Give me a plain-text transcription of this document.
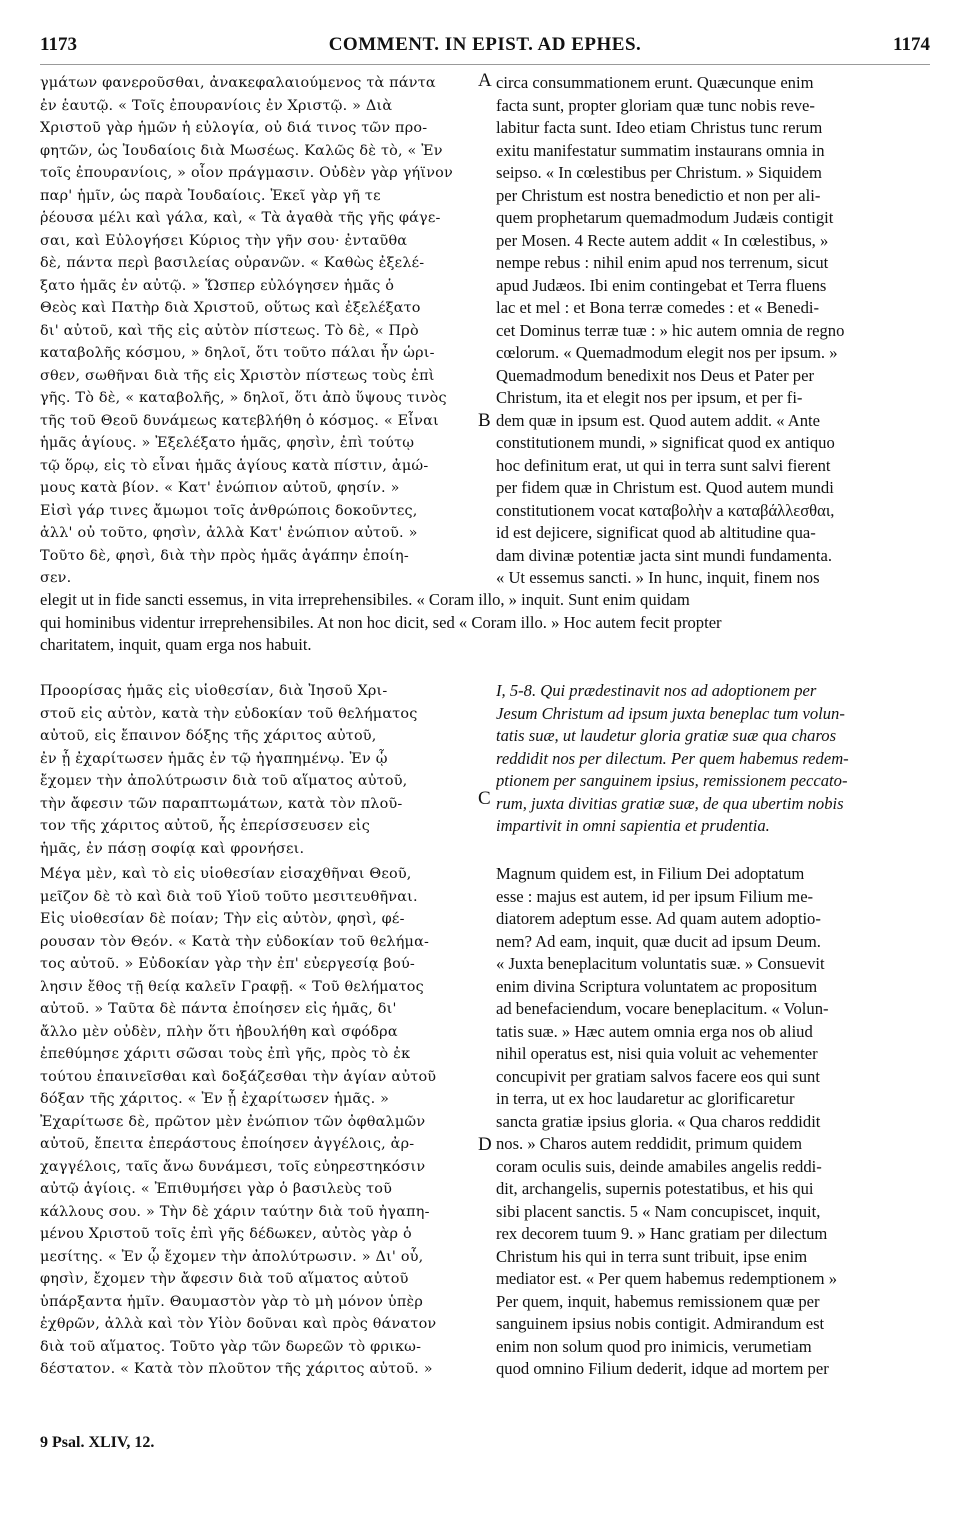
1173	COMMENT. IN EPIST. AD EPHES.	1174
γμάτων φανεροῦσθαι, ἀνακεφαλαιούμενος τὰ πάντα
ἐν ἑαυτῷ. « Τοῖς ἐπουρανίοις ἐν Χριστῷ. » Διὰ
Χριστοῦ γὰρ ἡμῶν ἡ εὐλογία, οὐ διά τινος τῶν προ-
φητῶν, ὡς Ἰουδαίοις διὰ Μωσέως. Καλῶς δὲ τὸ, « Ἐν
τοῖς ἐπουρανίοις, » οἷον πράγμασιν. Οὐδὲν γὰρ γήϊνον
παρ' ἡμῖν, ὡς παρὰ Ἰουδαίοις. Ἐκεῖ γὰρ γῆ τε
ῥέουσα μέλι καὶ γάλα, καὶ, « Τὰ ἀγαθὰ τῆς γῆς φάγε-
σαι, καὶ Εὐλογήσει Κύριος τὴν γῆν σου· ἐνταῦθα
δὲ, πάντα περὶ βασιλείας οὐρανῶν. « Καθὼς ἐξελέ-
ξατο ἡμᾶς ἐν αὐτῷ. » Ὥσπερ εὐλόγησεν ἡμᾶς ὁ
Θεὸς καὶ Πατὴρ διὰ Χριστοῦ, οὕτως καὶ ἐξελέξατο
δι' αὐτοῦ, καὶ τῆς εἰς αὐτὸν πίστεως. Τὸ δὲ, « Πρὸ
καταβολῆς κόσμου, » δηλοῖ, ὅτι τοῦτο πάλαι ἦν ὡρι-
σθεν, σωθῆναι διὰ τῆς εἰς Χριστὸν πίστεως τοὺς ἐπὶ
γῆς. Τὸ δὲ, « καταβολῆς, » δηλοῖ, ὅτι ἀπὸ ὕψους τινὸς
τῆς τοῦ Θεοῦ δυνάμεως κατεβλήθη ὁ κόσμος. « Εἶναι
ἡμᾶς ἁγίους. » Ἐξελέξατο ἡμᾶς, φησὶν, ἐπὶ τούτῳ
τῷ ὅρῳ, εἰς τὸ εἶναι ἡμᾶς ἁγίους κατὰ πίστιν, ἀμώ-
μους κατὰ βίον. « Κατ' ἐνώπιον αὐτοῦ, φησίν. »
Εἰσὶ γάρ τινες ἄμωμοι τοῖς ἀνθρώποις δοκοῦντες,
ἀλλ' οὐ τοῦτο, φησὶν, ἀλλὰ Κατ' ἐνώπιον αὐτοῦ. »
Τοῦτο δὲ, φησὶ, διὰ τὴν πρὸς ἡμᾶς ἀγάπην ἐποίη-
σεν.
circa consummationem erunt. Quæcunque enim
facta sunt, propter gloriam quæ tunc nobis reve-
labitur facta sunt. Ideo etiam Christus tunc rerum
exitu manifestatur summatim instaurans omnia in
seipso. « In cœlestibus per Christum. » Siquidem
per Christum est nostra benedictio et non per ali-
quem prophetarum quemadmodum Judæis contigit
per Mosen. 4 Recte autem addit « In cœlestibus, »
nempe rebus : nihil enim apud nos terrenum, sicut
apud Judæos. Ibi enim contingebat et Terra fluens
lac et mel : et Bona terræ comedes : et « Benedi-
cet Dominus terræ tuæ : » hic autem omnia de regno
cœlorum. « Quemadmodum elegit nos per ipsum. »
Quemadmodum benedixit nos Deus et Pater per
Christum, ita et elegit nos per ipsum, et per fi-
dem quæ in ipsum est. Quod autem addit. « Ante
constitutionem mundi, » significat quod ex antiquo
hoc definitum erat, ut qui in terra sunt salvi fierent
per fidem quæ in Christum est. Quod autem mundi
constitutionem vocat καταβολὴν a καταβάλλεσθαι,
id est dejicere, significat quod ab altitudine qua-
dam divinæ potentiæ jacta sint mundi fundamenta.
« Ut essemus sancti. » In hunc, inquit, finem nos
elegit ut in fide sancti essemus, in vita irreprehensibiles. « Coram illo, » inquit. Sunt enim quidam
qui hominibus videntur irreprehensibiles. At non hoc dicit, sed « Coram illo. » Hoc autem fecit propter
charitatem, inquit, quam erga nos habuit.
Προορίσας ἡμᾶς εἰς υἱοθεσίαν, διὰ Ἰησοῦ Χρι-
στοῦ εἰς αὐτὸν, κατὰ τὴν εὐδοκίαν τοῦ θελήματος
αὐτοῦ, εἰς ἔπαινον δόξης τῆς χάριτος αὐτοῦ,
ἐν ᾗ ἐχαρίτωσεν ἡμᾶς ἐν τῷ ἠγαπημένῳ. Ἐν ᾧ
ἔχομεν τὴν ἀπολύτρωσιν διὰ τοῦ αἵματος αὐτοῦ,
τὴν ἄφεσιν τῶν παραπτωμάτων, κατὰ τὸν πλοῦ-
τον τῆς χάριτος αὐτοῦ, ἧς ἐπερίσσευσεν εἰς
ἡμᾶς, ἐν πάσῃ σοφίᾳ καὶ φρονήσει.
I, 5-8. Qui prædestinavit nos ad adoptionem per
Jesum Christum ad ipsum juxta beneplac tum volun-
tatis suæ, ut laudetur gloria gratiæ suæ qua charos
reddidit nos per dilectum. Per quem habemus redem-
ptionem per sanguinem ipsius, remissionem peccato-
rum, juxta divitias gratiæ suæ, de qua ubertim nobis
impartivit in omni sapientia et prudentia.
Μέγα μὲν, καὶ τὸ εἰς υἱοθεσίαν εἰσαχθῆναι Θεοῦ,
μεῖζον δὲ τὸ καὶ διὰ τοῦ Υἱοῦ τοῦτο μεσιτευθῆναι.
Εἰς υἱοθεσίαν δὲ ποίαν; Τὴν εἰς αὐτὸν, φησὶ, φέ-
ρουσαν τὸν Θεόν. « Κατὰ τὴν εὐδοκίαν τοῦ θελήμα-
τος αὐτοῦ. » Εὐδοκίαν γὰρ τὴν ἐπ' εὐεργεσίᾳ βού-
λησιν ἔθος τῇ θείᾳ καλεῖν Γραφῇ. « Τοῦ θελήματος
αὐτοῦ. » Ταῦτα δὲ πάντα ἐποίησεν εἰς ἡμᾶς, δι'
ἄλλο μὲν οὐδὲν, πλὴν ὅτι ἠβουλήθη καὶ σφόδρα
ἐπεθύμησε χάριτι σῶσαι τοὺς ἐπὶ γῆς, πρὸς τὸ ἐκ
τούτου ἐπαινεῖσθαι καὶ δοξάζεσθαι τὴν ἁγίαν αὐτοῦ
δόξαν τῆς χάριτος. « Ἐν ᾗ ἐχαρίτωσεν ἡμᾶς. »
Ἐχαρίτωσε δὲ, πρῶτον μὲν ἐνώπιον τῶν ὀφθαλμῶν
αὐτοῦ, ἔπειτα ἐπεράστους ἐποίησεν ἀγγέλοις, ἀρ-
χαγγέλοις, ταῖς ἄνω δυνάμεσι, τοῖς εὐηρεστηκόσιν
αὐτῷ ἁγίοις. « Ἐπιθυμήσει γὰρ ὁ βασιλεὺς τοῦ
κάλλους σου. » Τὴν δὲ χάριν ταύτην διὰ τοῦ ἠγαπη-
μένου Χριστοῦ τοῖς ἐπὶ γῆς δέδωκεν, αὐτὸς γὰρ ὁ
μεσίτης. « Ἐν ᾧ ἔχομεν τὴν ἀπολύτρωσιν. » Δι' οὗ,
φησὶν, ἔχομεν τὴν ἄφεσιν διὰ τοῦ αἵματος αὐτοῦ
ὑπάρξαντα ἡμῖν. Θαυμαστὸν γὰρ τὸ μὴ μόνον ὑπὲρ
ἐχθρῶν, ἀλλὰ καὶ τὸν Υἱὸν δοῦναι καὶ πρὸς θάνατον
διὰ τοῦ αἵματος. Τοῦτο γὰρ τῶν δωρεῶν τὸ φρικω-
δέστατον. « Κατὰ τὸν πλοῦτον τῆς χάριτος αὐτοῦ. »
Magnum quidem est, in Filium Dei adoptatum
esse : majus est autem, id per ipsum Filium me-
diatorem adeptum esse. Ad quam autem adoptio-
nem? Ad eam, inquit, quæ ducit ad ipsum Deum.
« Juxta beneplacitum voluntatis suæ. » Consuevit
enim divina Scriptura voluntatem ac propositum
ad benefaciendum, vocare beneplacitum. « Volun-
tatis suæ. » Hæc autem omnia erga nos ob aliud
nihil operatus est, nisi quia voluit ac vehementer
concupivit per gratiam salvos facere eos qui sunt
in terra, ut ex hoc laudaretur ac glorificaretur
sancta gratiæ ipsius gloria. « Qua charos reddidit
nos. » Charos autem reddidit, primum quidem
coram oculis suis, deinde amabiles angelis reddi-
dit, archangelis, supernis potestatibus, et his qui
sibi placent sanctis. 5 « Nam concupiscet, inquit,
rex decorem tuum 9. » Hanc gratiam per dilectum
Christum his qui in terra sunt tribuit, ipse enim
mediator est. « Per quem habemus redemptionem »
Per quem, inquit, habemus remissionem quæ per
sanguinem ipsius nobis contigit. Admirandum est
enim non solum quod pro inimicis, verumetiam
quod omnino Filium dederit, idque ad mortem per
A
B
C
D
9 Psal. XLIV, 12.
